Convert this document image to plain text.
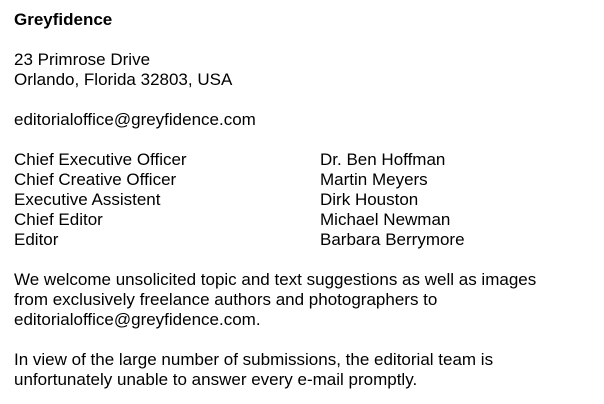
Greyfidence
23 Primrose Drive
Orlando, Florida 32803, USA
editorialoffice@greyfidence.com
Chief Executive Officer	Dr. Ben Hoffman
Chief Creative Officer	Martin Meyers
Executive Assistent	Dirk Houston
Chief Editor	Michael Newman
Editor	Barbara Berrymore
We welcome unsolicited topic and text suggestions as well as images
from exclusively freelance authors and photographers to
editorialoffice@greyfidence.com.
In view of the large number of submissions, the editorial team is
unfortunately unable to answer every e-mail promptly.
